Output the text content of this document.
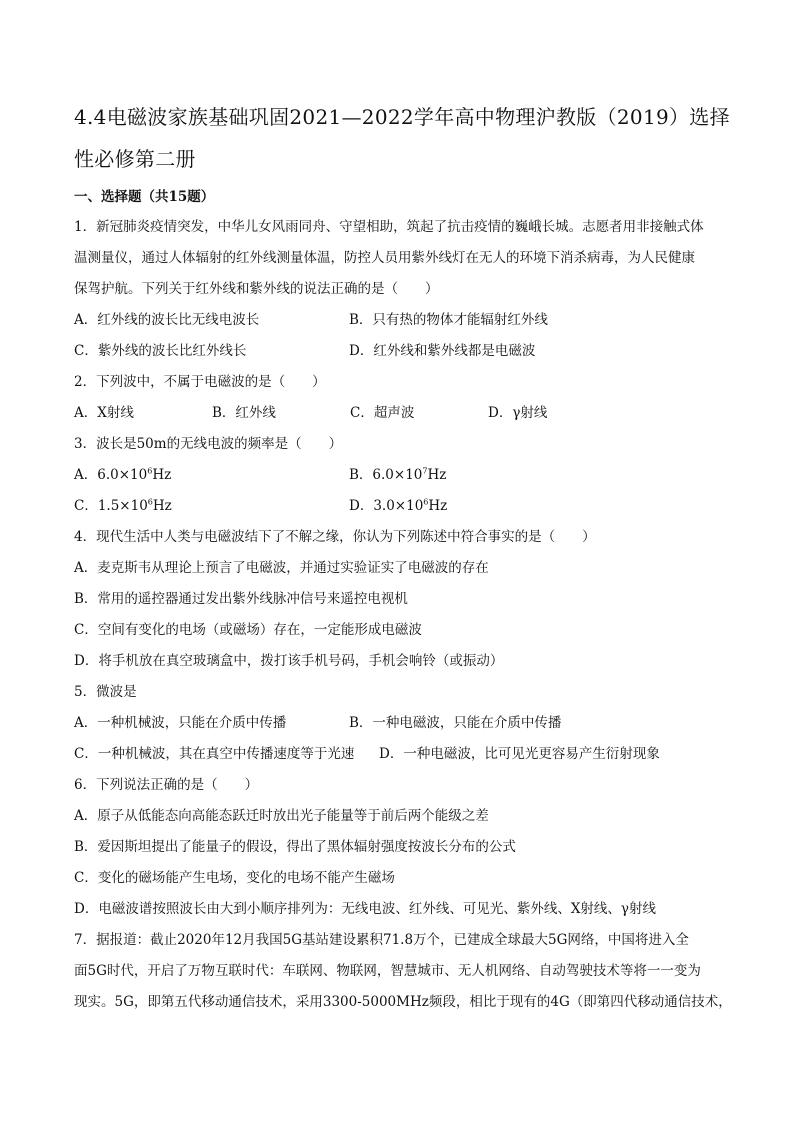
4.4电磁波家族基础巩固2021—2022学年高中物理沪教版（2019）选择性必修第二册
一、选择题（共15题）
1．新冠肺炎疫情突发，中华儿女风雨同舟、守望相助，筑起了抗击疫情的巍峨长城。志愿者用非接触式体
温测量仪，通过人体辐射的红外线测量体温，防控人员用紫外线灯在无人的环境下消杀病毒，为人民健康
保驾护航。下列关于红外线和紫外线的说法正确的是（　　）
A．红外线的波长比无线电波长	B．只有热的物体才能辐射红外线
C．紫外线的波长比红外线长	D．红外线和紫外线都是电磁波
2．下列波中，不属于电磁波的是（　　）
A．X射线	B．红外线	C．超声波	D．γ射线
3．波长是50m的无线电波的频率是（　　）
A．$6.0\times 10^6Hz$	B．$6.0\times 10^7Hz$
C．$1.5\times 10^6Hz$	D．$3.0\times 10^6Hz$
4．现代生活中人类与电磁波结下了不解之缘，你认为下列陈述中符合事实的是（　　）
A．麦克斯韦从理论上预言了电磁波，并通过实验证实了电磁波的存在
B．常用的遥控器通过发出紫外线脉冲信号来遥控电视机
C．空间有变化的电场（或磁场）存在，一定能形成电磁波
D．将手机放在真空玻璃盒中，拨打该手机号码，手机会响铃（或振动）
5．微波是
A．一种机械波，只能在介质中传播	B．一种电磁波，只能在介质中传播
C．一种机械波，其在真空中传播速度等于光速	D．一种电磁波，比可见光更容易产生衍射现象
6．下列说法正确的是（　　）
A．原子从低能态向高能态跃迁时放出光子能量等于前后两个能级之差
B．爱因斯坦提出了能量子的假设，得出了黑体辐射强度按波长分布的公式
C．变化的磁场能产生电场，变化的电场不能产生磁场
D．电磁波谱按照波长由大到小顺序排列为：无线电波、红外线、可见光、紫外线、X射线、γ射线
7．据报道：截止2020年12月我国5G基站建设累积71.8万个，已建成全球最大5G网络，中国将进入全
面5G时代，开启了万物互联时代：车联网、物联网，智慧城市、无人机网络、自动驾驶技术等将一一变为
现实。5G，即第五代移动通信技术，采用3300-5000MHz频段，相比于现有的4G（即第四代移动通信技术，
